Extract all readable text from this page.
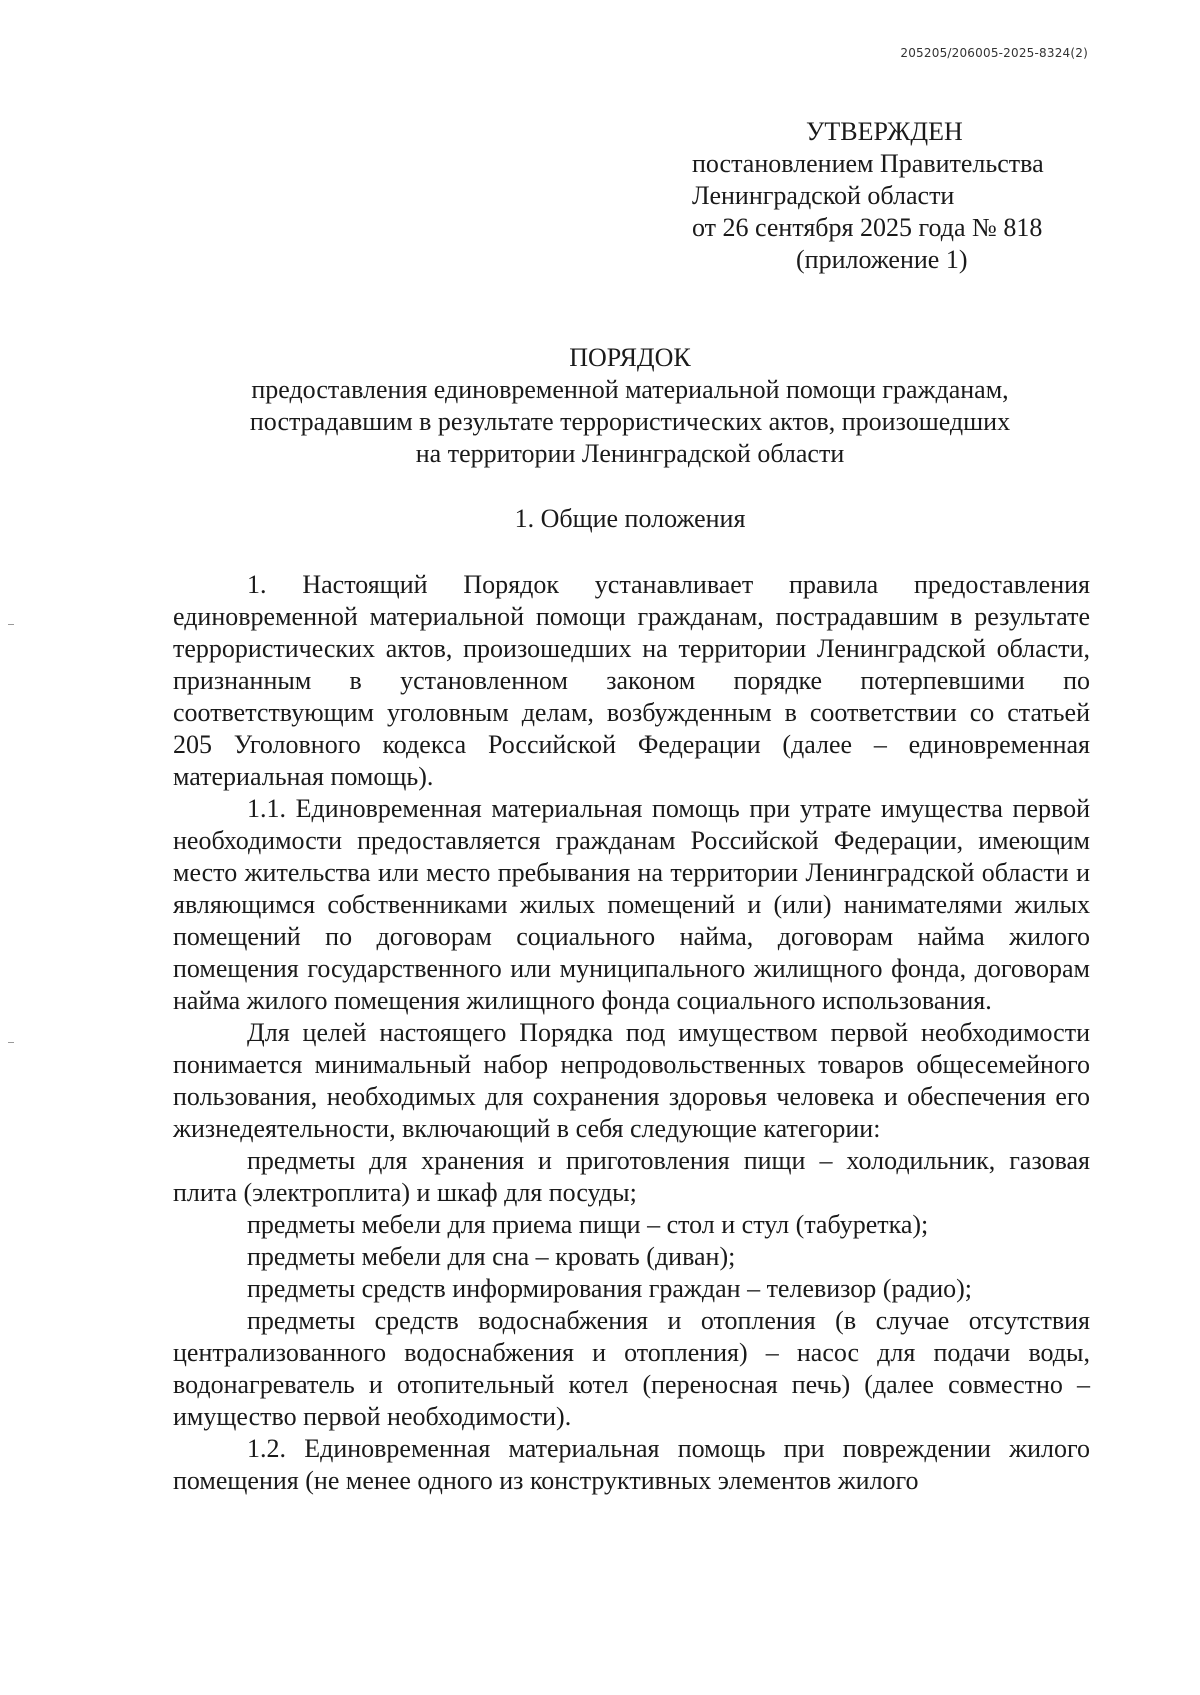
205205/206005-2025-8324(2)
УТВЕРЖДЕН
постановлением Правительства
Ленинградской области
от 26 сентября 2025 года № 818
(приложение 1)
ПОРЯДОК
предоставления единовременной материальной помощи гражданам,
пострадавшим в результате террористических актов, произошедших
на территории Ленинградской области
1. Общие положения

1. Настоящий Порядок устанавливает правила предоставления единовременной материальной помощи гражданам, пострадавшим в результате террористических актов, произошедших на территории Ленинградской области, признанным в установленном законом порядке потерпевшими по соответствующим уголовным делам, возбужденным в соответствии со статьей 205 Уголовного кодекса Российской Федерации (далее – единовременная материальная помощь).

1.1. Единовременная материальная помощь при утрате имущества первой необходимости предоставляется гражданам Российской Федерации, имеющим место жительства или место пребывания на территории Ленинградской области и являющимся собственниками жилых помещений и (или) нанимателями жилых помещений по договорам социального найма, договорам найма жилого помещения государственного или муниципального жилищного фонда, договорам найма жилого помещения жилищного фонда социального использования.

Для целей настоящего Порядка под имуществом первой необходимости понимается минимальный набор непродовольственных товаров общесемейного пользования, необходимых для сохранения здоровья человека и обеспечения его жизнедеятельности, включающий в себя следующие категории:

предметы для хранения и приготовления пищи – холодильник, газовая плита (электроплита) и шкаф для посуды;

предметы мебели для приема пищи – стол и стул (табуретка);

предметы мебели для сна – кровать (диван);

предметы средств информирования граждан – телевизор (радио);

предметы средств водоснабжения и отопления (в случае отсутствия централизованного водоснабжения и отопления) – насос для подачи воды, водонагреватель и отопительный котел (переносная печь) (далее совместно – имущество первой необходимости).

1.2. Единовременная материальная помощь при повреждении жилого помещения (не менее одного из конструктивных элементов жилого
